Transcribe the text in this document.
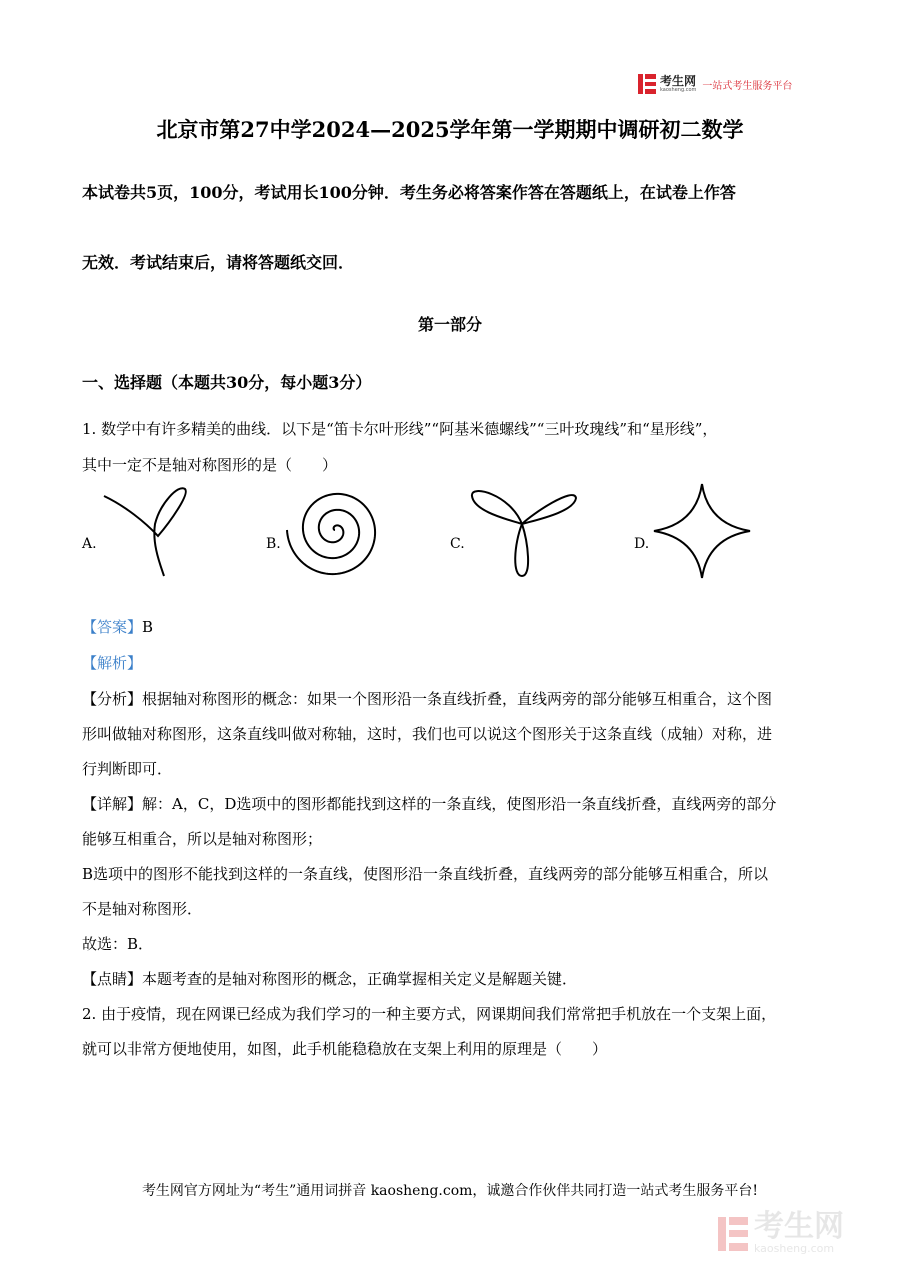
考生网
kaosheng.com 一站式考生服务平台
北京市第27中学2024—2025学年第一学期期中调研初二数学
本试卷共5页，100分，考试用长100分钟．考生务必将答案作答在答题纸上，在试卷上作答
无效．考试结束后，请将答题纸交回．
第一部分
一、选择题（本题共30分，每小题3分）
1. 数学中有许多精美的曲线．以下是“笛卡尔叶形线”“阿基米德螺线”“三叶玫瑰线”和“星形线”，
其中一定不是轴对称图形的是（　　）
A.	B.	C.	D.
【答案】B
【解析】
【分析】根据轴对称图形的概念：如果一个图形沿一条直线折叠，直线两旁的部分能够互相重合，这个图
形叫做轴对称图形，这条直线叫做对称轴，这时，我们也可以说这个图形关于这条直线（成轴）对称，进
行判断即可．
【详解】解：A，C，D选项中的图形都能找到这样的一条直线，使图形沿一条直线折叠，直线两旁的部分
能够互相重合，所以是轴对称图形；
B选项中的图形不能找到这样的一条直线，使图形沿一条直线折叠，直线两旁的部分能够互相重合，所以
不是轴对称图形．
故选：B．
【点睛】本题考查的是轴对称图形的概念，正确掌握相关定义是解题关键．
2. 由于疫情，现在网课已经成为我们学习的一种主要方式，网课期间我们常常把手机放在一个支架上面，
就可以非常方便地使用，如图，此手机能稳稳放在支架上利用的原理是（　　）
考生网官方网址为“考生”通用词拼音 kaosheng.com，诚邀合作伙伴共同打造一站式考生服务平台!
考生网
kaosheng.com
